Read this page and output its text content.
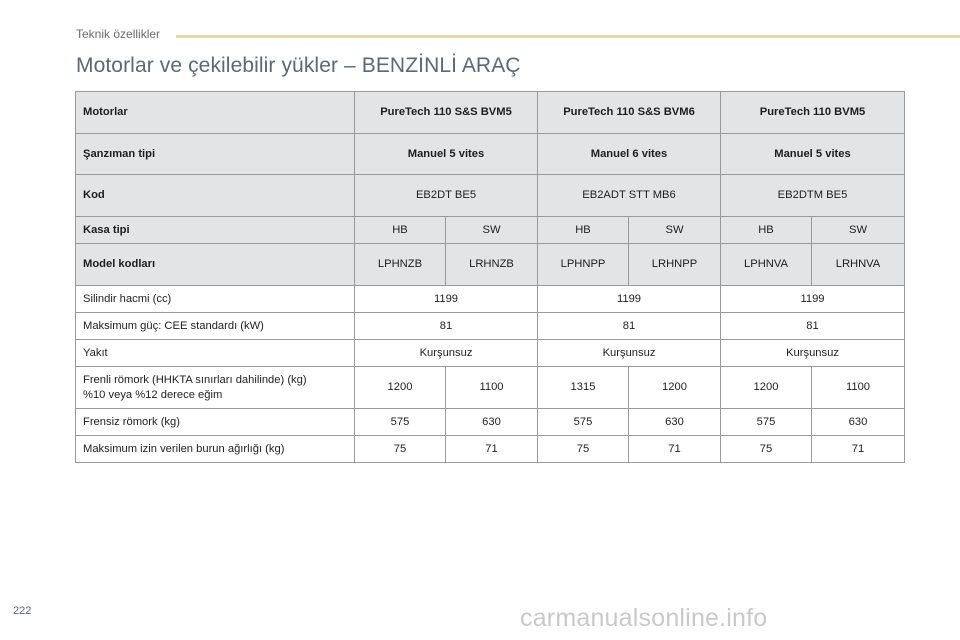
Teknik özellikler
Motorlar ve çekilebilir yükler – BENZİNLİ ARAÇ
Motorlar	PureTech 110 S&S BVM5		PureTech 110 S&S BVM6		PureTech 110 BVM5	
Şanzıman tipi	Manuel 5 vites		Manuel 6 vites		Manuel 5 vites	
Kod	EB2DT BE5		EB2ADT STT MB6		EB2DTM BE5	
Kasa tipi	HB	SW	HB	SW	HB	SW
Model kodları	LPHNZB	LRHNZB	LPHNPP	LRHNPP	LPHNVA	LRHNVA
Silindir hacmi (cc)	1199		1199		1199	
Maksimum güç: CEE standardı (kW)	81		81		81	
Yakıt	Kurşunsuz		Kurşunsuz		Kurşunsuz	

Frenli römork (HHKTA sınırları dahilinde) (kg)
%10 veya %12 derece eğim	1200	1100	1315	1200	1200	1100
Frensiz römork (kg)	575	630	575	630	575	630
Maksimum izin verilen burun ağırlığı (kg)	75	71	75	71	75	71
222	carmanualsonline.info
